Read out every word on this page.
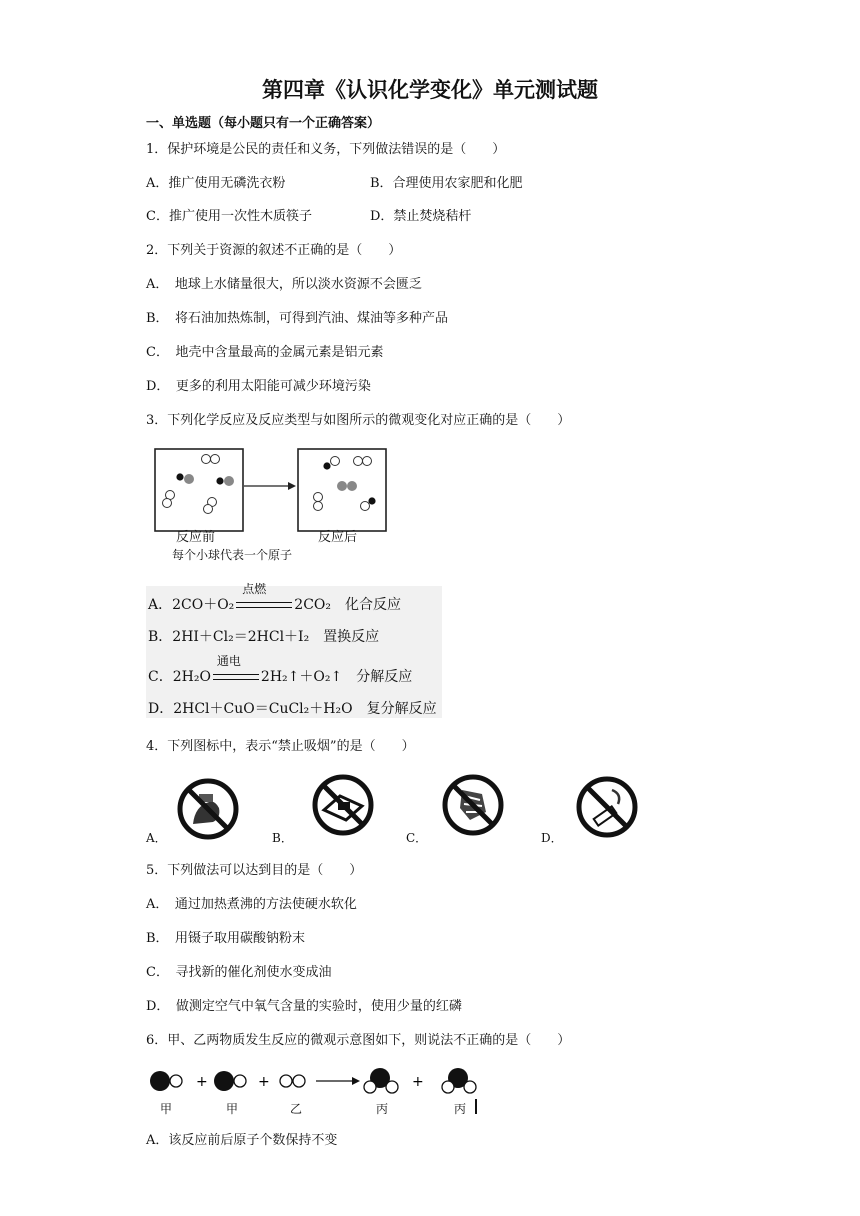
第四章《认识化学变化》单元测试题
一、单选题（每小题只有一个正确答案）
1．保护环境是公民的责任和义务，下列做法错误的是（　　）
A．推广使用无磷洗衣粉	B．合理使用农家肥和化肥
C．推广使用一次性木质筷子	D．禁止焚烧秸杆
2．下列关于资源的叙述不正确的是（　　）
A．　地球上水储量很大，所以淡水资源不会匮乏
B．　将石油加热炼制，可得到汽油、煤油等多种产品
C．　地壳中含量最高的金属元素是铝元素
D．　更多的利用太阳能可减少环境污染
3．下列化学反应及反应类型与如图所示的微观变化对应正确的是（　　）
反应前	反应后
每个小球代表一个原子
A．2CO＋O₂
点燃
2CO₂　化合反应
B．2HI＋Cl₂＝2HCl＋I₂　置换反应
C．2H₂O
通电
2H₂↑＋O₂↑　分解反应
D．2HCl＋CuO＝CuCl₂＋H₂O　复分解反应
4．下列图标中，表示“禁止吸烟”的是（　　）
A．	B．	C．	D．
5．下列做法可以达到目的是（　　）
A．　通过加热煮沸的方法使硬水软化
B．　用镊子取用碳酸钠粉末
C．　寻找新的催化剂使水变成油
D．　做测定空气中氧气含量的实验时，使用少量的红磷
6．甲、乙两物质发生反应的微观示意图如下，则说法不正确的是（　　）
+	+	+
甲	甲	乙	丙	丙
A．该反应前后原子个数保持不变
